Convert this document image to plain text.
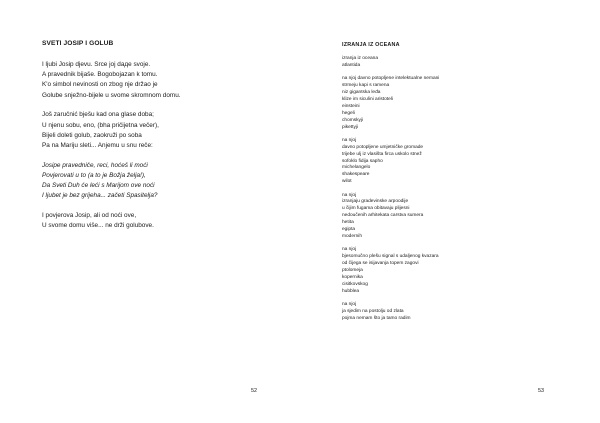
SVETI JOSIP I GOLUB
I ljubi Josip djevu. Srce joj daде svoje.
A pravednik bijaše. Bogobojazan k tomu.
K'o simbol nevinosti on zbog nje držao je
Golube snježno-bijele u svome skromnom domu.
Još zaručnić bješu kad ona glase doba;
U njenu sobu, eno, (bha pričijetna večer),
Bijeli doleti golub, zaokruži po soba
Pa na Mariju sleti... Anjemu u snu reče:
Josipe pravedniče, reci, hoćeš li moći
Povjerovati u to (a to je Božja želja!),
Da Sveti Duh će leći s Marijom ove noći
I ljubet je bez grijeha... začeti Spasitelja?
I povjerova Josip, ali od noći ove,
U svome domu više... ne drži golubove.
52
IZRANJA IZ OCEANA
izranja iz oceana
atlantida
na njoj davno potopljene intelektualne nemani
strmeju kapi s ramena
niz gigantska leđa
klize im siculini aristoteli
einsteini
hegeli
chomskyji
pikettyji
na njoj
davno potopljene umjetničke gromade
trijebe ulj iz vlasišta firca uskolo stnež
sofoklo fidija sapho
michelangelo
shakespeare
wilot
na njoj
izranjaju gradevinske arpoodije
u čijim fugama obitavaju plijesni
nedoučenih arhitekata carstva sumera
hetita
egipta
modernih
na njoj
bjesomučno plešu signal s udaljenog kvazara
od čijega se isijavanja topem zagovi
ptolomeja
kopernika
cisitkovskog
hubblea
na njoj
ja sjedim na postolju od zlata
pojma nemam što ja tamo radim
53
